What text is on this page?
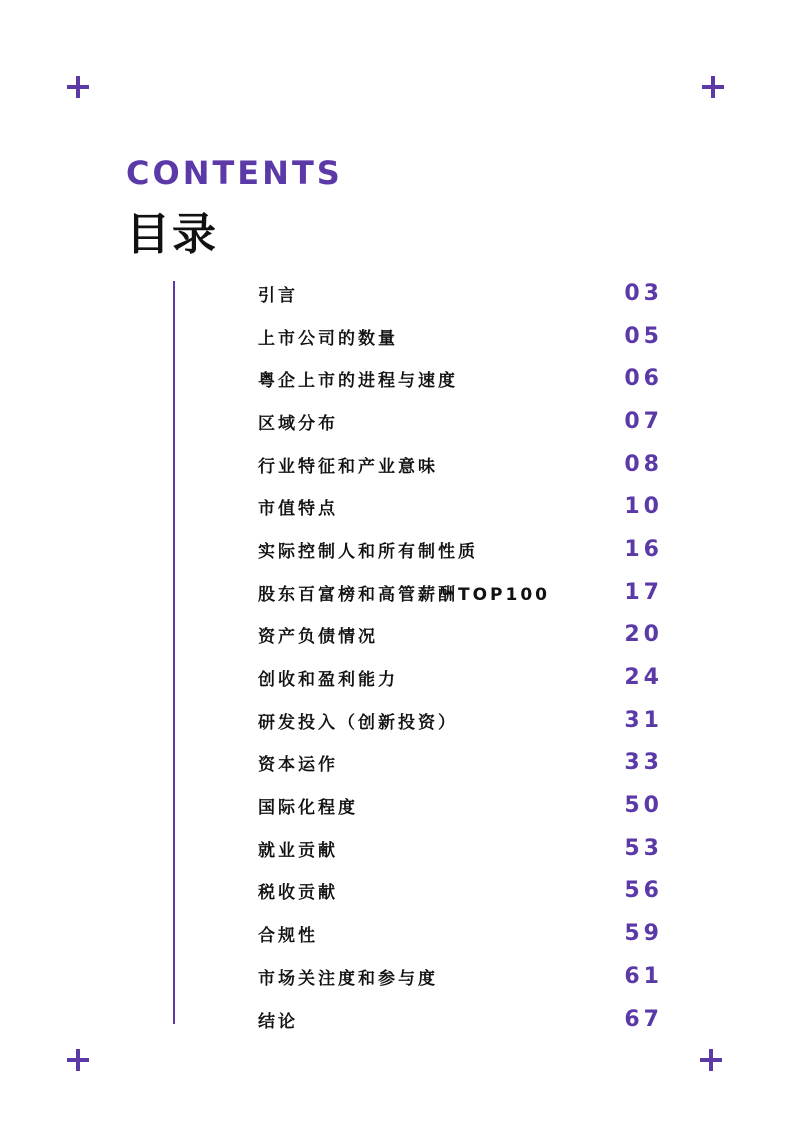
CONTENTS
目录
引言	03
上市公司的数量	05
粤企上市的进程与速度	06
区域分布	07
行业特征和产业意味	08
市值特点	10
实际控制人和所有制性质	16
股东百富榜和高管薪酬TOP100	17
资产负债情况	20
创收和盈利能力	24
研发投入（创新投资）	31
资本运作	33
国际化程度	50
就业贡献	53
税收贡献	56
合规性	59
市场关注度和参与度	61
结论	67
